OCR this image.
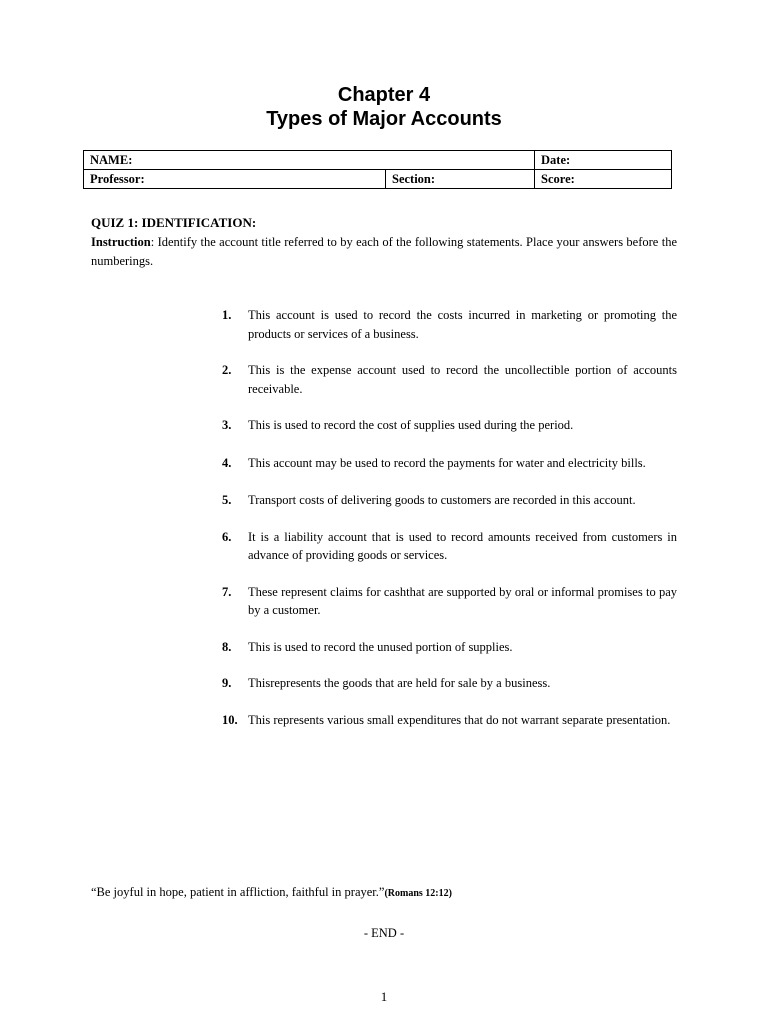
Chapter 4
Types of Major Accounts
NAME:		Date:
Professor:	Section:	Score:
QUIZ 1: IDENTIFICATION:
Instruction: Identify the account title referred to by each of the following statements. Place your answers before the numberings.
1.	This account is used to record the costs incurred in marketing or promoting the products or services of a business.
2.	This is the expense account used to record the uncollectible portion of accounts receivable.
3.	This is used to record the cost of supplies used during the period.
4.	This account may be used to record the payments for water and electricity bills.
5.	Transport costs of delivering goods to customers are recorded in this account.
6.	It is a liability account that is used to record amounts received from customers in advance of providing goods or services.
7.	These represent claims for cashthat are supported by oral or informal promises to pay by a customer.
8.	This is used to record the unused portion of supplies.
9.	Thisrepresents the goods that are held for sale by a business.
10. This represents various small expenditures that do not warrant separate presentation.
“Be joyful in hope, patient in affliction, faithful in prayer.”(Romans 12:12)
- END -
1
